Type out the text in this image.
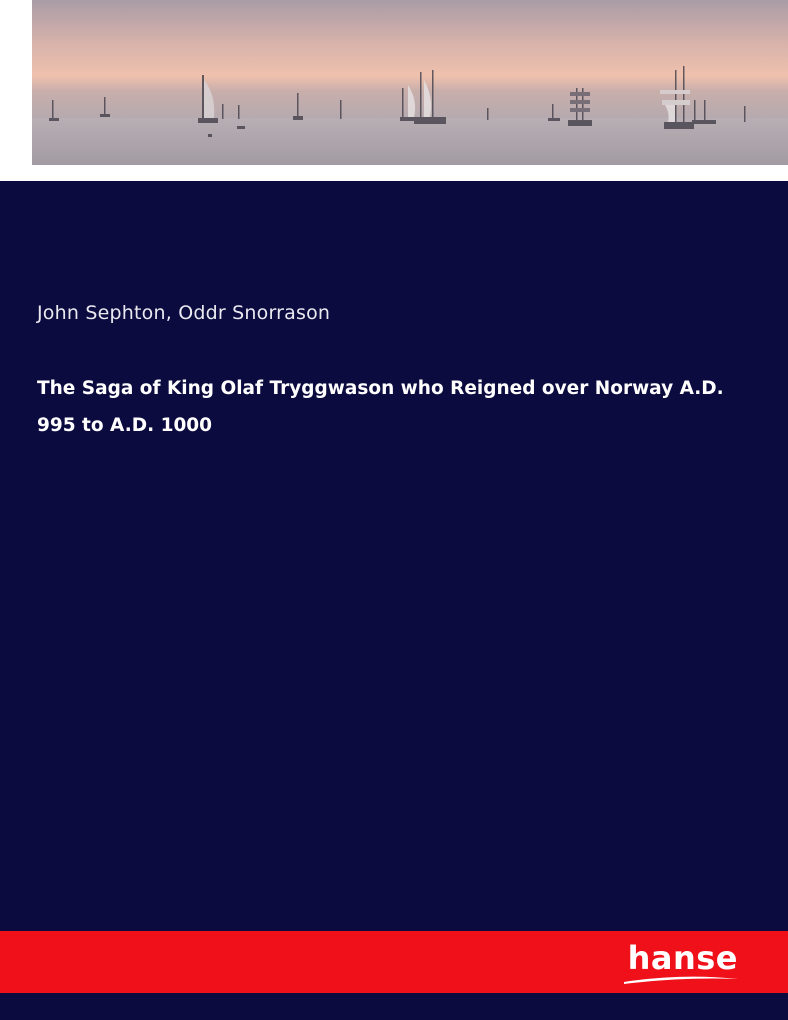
John Sephton, Oddr Snorrason
The Saga of King Olaf Tryggwason who Reigned over Norway A.D. 995 to A.D. 1000
hanse
